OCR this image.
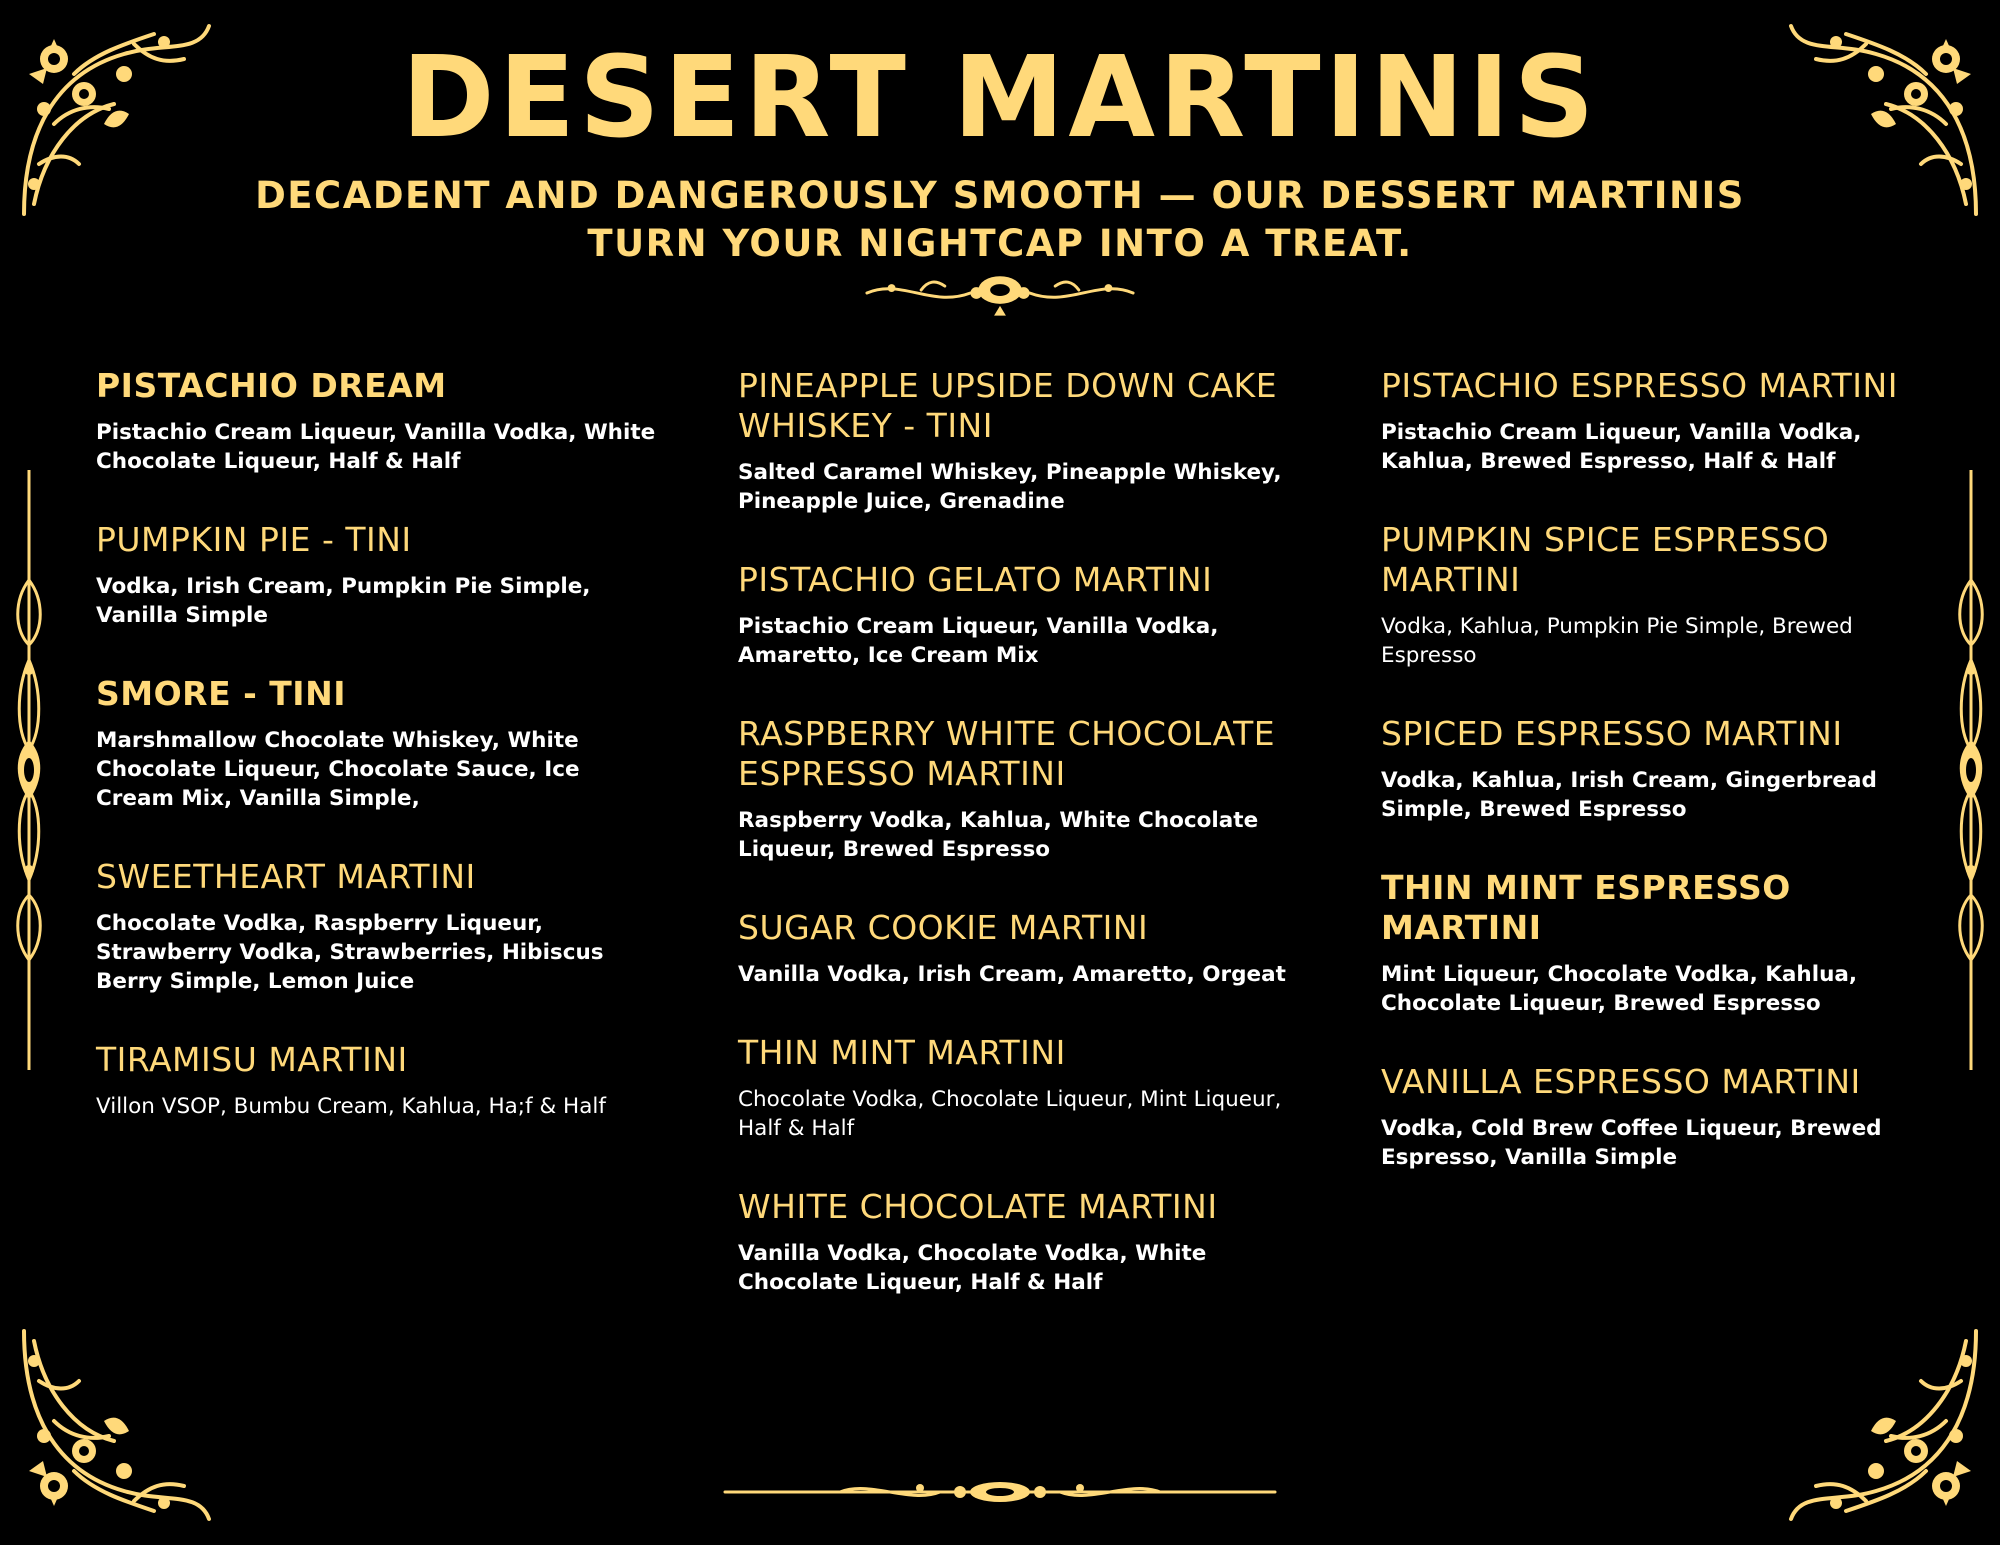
DESERT MARTINIS
DECADENT AND DANGEROUSLY SMOOTH — OUR DESSERT MARTINIS
TURN YOUR NIGHTCAP INTO A TREAT.
PISTACHIO DREAM

Pistachio Cream Liqueur, Vanilla Vodka, White Chocolate Liqueur, Half & Half

PUMPKIN PIE - TINI

Vodka, Irish Cream, Pumpkin Pie Simple, Vanilla Simple

SMORE - TINI

Marshmallow Chocolate Whiskey, White Chocolate Liqueur, Chocolate Sauce, Ice Cream Mix, Vanilla Simple,

SWEETHEART MARTINI

Chocolate Vodka, Raspberry Liqueur, Strawberry Vodka, Strawberries, Hibiscus Berry Simple, Lemon Juice

TIRAMISU MARTINI

Villon VSOP, Bumbu Cream, Kahlua, Ha;f & Half

PINEAPPLE UPSIDE DOWN CAKE WHISKEY - TINI

Salted Caramel Whiskey, Pineapple Whiskey, Pineapple Juice, Grenadine

PISTACHIO GELATO MARTINI

Pistachio Cream Liqueur, Vanilla Vodka, Amaretto, Ice Cream Mix

RASPBERRY WHITE CHOCOLATE ESPRESSO MARTINI

Raspberry Vodka, Kahlua, White Chocolate Liqueur, Brewed Espresso

SUGAR COOKIE MARTINI

Vanilla Vodka, Irish Cream, Amaretto, Orgeat

THIN MINT MARTINI

Chocolate Vodka, Chocolate Liqueur, Mint Liqueur, Half & Half

WHITE CHOCOLATE MARTINI

Vanilla Vodka, Chocolate Vodka, White Chocolate Liqueur, Half & Half

PISTACHIO ESPRESSO MARTINI

Pistachio Cream Liqueur, Vanilla Vodka, Kahlua, Brewed Espresso, Half & Half

PUMPKIN SPICE ESPRESSO MARTINI

Vodka, Kahlua, Pumpkin Pie Simple, Brewed Espresso

SPICED ESPRESSO MARTINI

Vodka, Kahlua, Irish Cream, Gingerbread Simple, Brewed Espresso

THIN MINT ESPRESSO MARTINI

Mint Liqueur, Chocolate Vodka, Kahlua, Chocolate Liqueur, Brewed Espresso

VANILLA ESPRESSO MARTINI

Vodka, Cold Brew Coffee Liqueur, Brewed Espresso, Vanilla Simple
